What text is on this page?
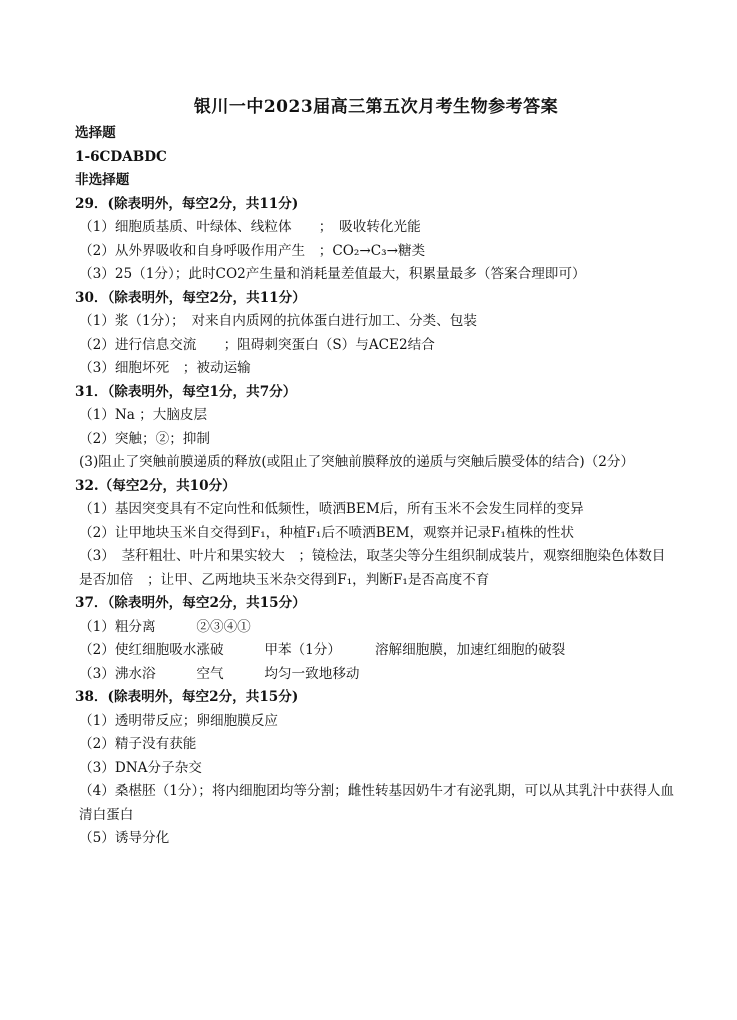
银川一中2023届高三第五次月考生物参考答案
选择题
1-6CDABDC
非选择题
29．(除表明外，每空2分，共11分)
（1）细胞质基质、叶绿体、线粒体　　；　吸收转化光能
（2）从外界吸收和自身呼吸作用产生　；CO₂→C₃→糖类
（3）25（1分）；此时CO2产生量和消耗量差值最大，积累量最多（答案合理即可）
30．（除表明外，每空2分，共11分）
（1）浆（1分）；　对来自内质网的抗体蛋白进行加工、分类、包装
（2）进行信息交流　　；阻碍刺突蛋白（S）与ACE2结合
（3）细胞坏死　；被动运输
31．（除表明外，每空1分，共7分）
（1）Na ；大脑皮层
（2）突触；②；抑制
(3)阻止了突触前膜递质的释放(或阻止了突触前膜释放的递质与突触后膜受体的结合)（2分）
32.（每空2分，共10分）
（1）基因突变具有不定向性和低频性，喷洒BEM后，所有玉米不会发生同样的变异
（2）让甲地块玉米自交得到F₁，种植F₁后不喷洒BEM，观察并记录F₁植株的性状
（3）　茎秆粗壮、叶片和果实较大　；镜检法，取茎尖等分生组织制成装片，观察细胞染色体数目是否加倍　；让甲、乙两地块玉米杂交得到F₁，判断F₁是否高度不育
37．（除表明外，每空2分，共15分）
（1）粗分离　　　②③④①
（2）使红细胞吸水涨破　　　甲苯（1分）　　　溶解细胞膜，加速红细胞的破裂
（3）沸水浴　　　空气　　　均匀一致地移动
38．(除表明外，每空2分，共15分)
（1）透明带反应；卵细胞膜反应
（2）精子没有获能
（3）DNA分子杂交
（4）桑椹胚（1分）；将内细胞团均等分割；雌性转基因奶牛才有泌乳期，可以从其乳汁中获得人血清白蛋白
（5）诱导分化
